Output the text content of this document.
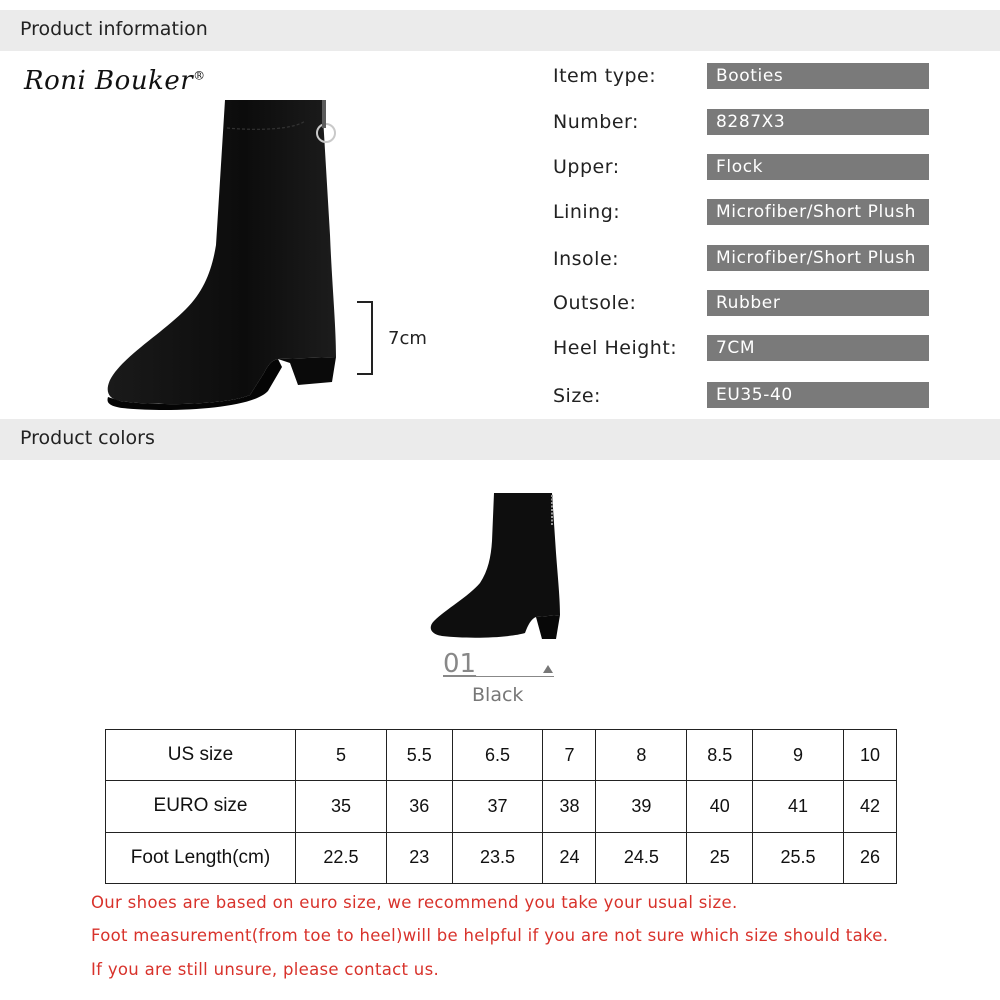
Product information
Roni Bouker®
7cm
Item type:	Booties
Number:	8287X3
Upper:	Flock
Lining:	Microfiber/Short Plush
Insole:	Microfiber/Short Plush
Outsole:	Rubber
Heel Height:	7CM
Size:	EU35-40
Product colors
01
Black
US size	5	5.5	6.5	7	8	8.5	9	10
EURO size	35	36	37	38	39	40	41	42
Foot Length(cm)	22.5	23	23.5	24	24.5	25	25.5	26
Our shoes are based on euro size, we recommend you take your usual size.
Foot measurement(from toe to heel)will be helpful if you are not sure which size should take.
If you are still unsure, please contact us.
